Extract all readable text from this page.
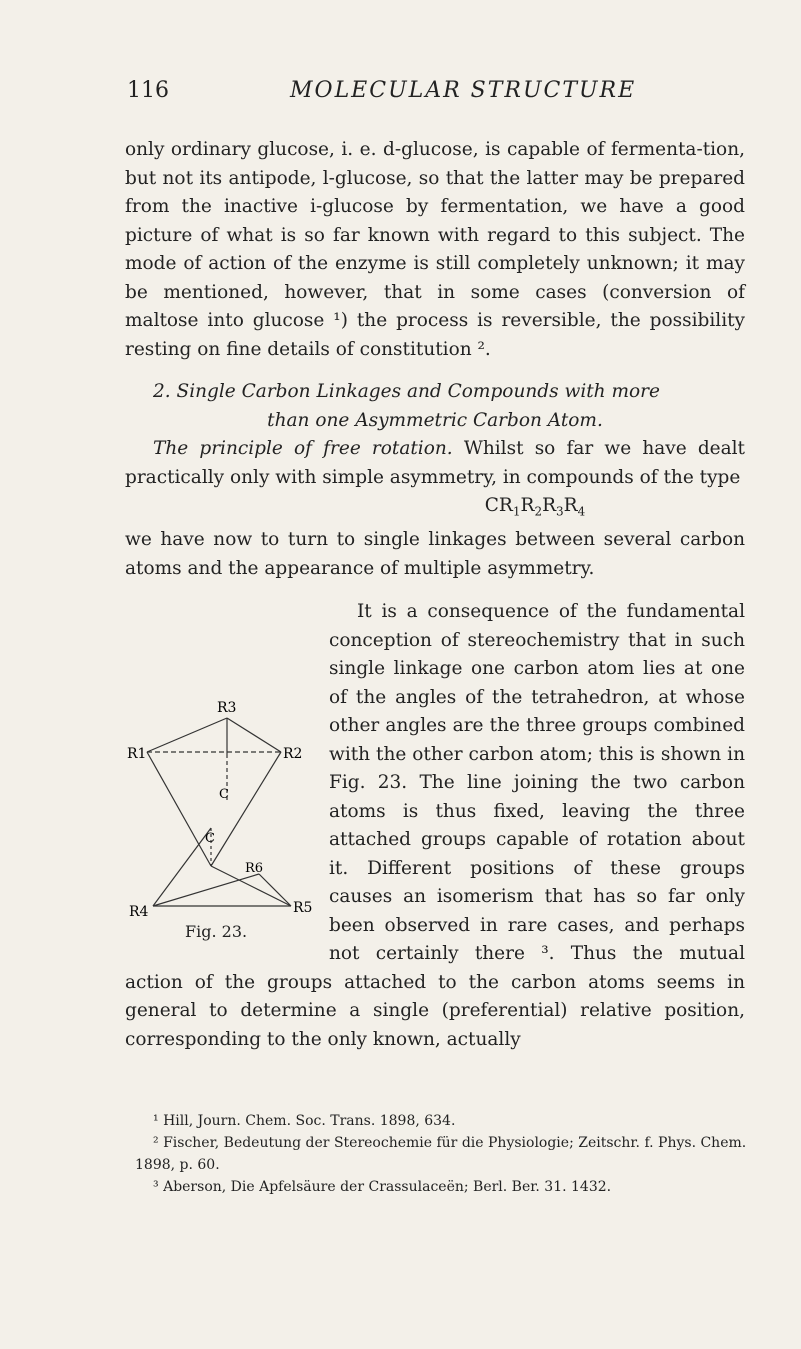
116	MOLECULAR STRUCTURE

only ordinary glucose, i. e. d-glucose, is capable of fermenta-tion, but not its antipode, l-glucose, so that the latter may be prepared from the inactive i-glucose by fermentation, we have a good picture of what is so far known with regard to this subject. The mode of action of the enzyme is still completely unknown; it may be mentioned, however, that in some cases (conversion of maltose into glucose ¹) the process is reversible, the possibility resting on fine details of constitution ².

2. Single Carbon Linkages and Compounds with more
than one Asymmetric Carbon Atom.

The principle of free rotation. Whilst so far we have dealt practically only with simple asymmetry, in compounds of the type

$CR_1R_2R_3R_4$

we have now to turn to single linkages between several carbon atoms and the appearance of multiple asymmetry.

¹ Hill, Journ. Chem. Soc. Trans. 1898, 634.

² Fischer, Bedeutung der Stereochemie für die Physiologie; Zeitschr. f. Phys. Chem. 1898, p. 60.

³ Aberson, Die Apfelsäure der Crassulaceën; Berl. Ber. 31. 1432.

R3
R1	R2
C
C
R6
R4	R5
Fig. 23.

It is a consequence of the fundamental conception of stereochemistry that in such single linkage one carbon atom lies at one of the angles of the tetrahedron, at whose other angles are the three groups combined with the other carbon atom; this is shown in Fig. 23. The line joining the two carbon atoms is thus fixed, leaving the three attached groups capable of rotation about it. Different positions of these groups causes an isomerism that has so far only been observed in rare cases, and perhaps not certainly there ³. Thus the mutual action of the groups attached to the carbon atoms seems in general to determine a single (preferential) relative position, corresponding to the only known, actually
